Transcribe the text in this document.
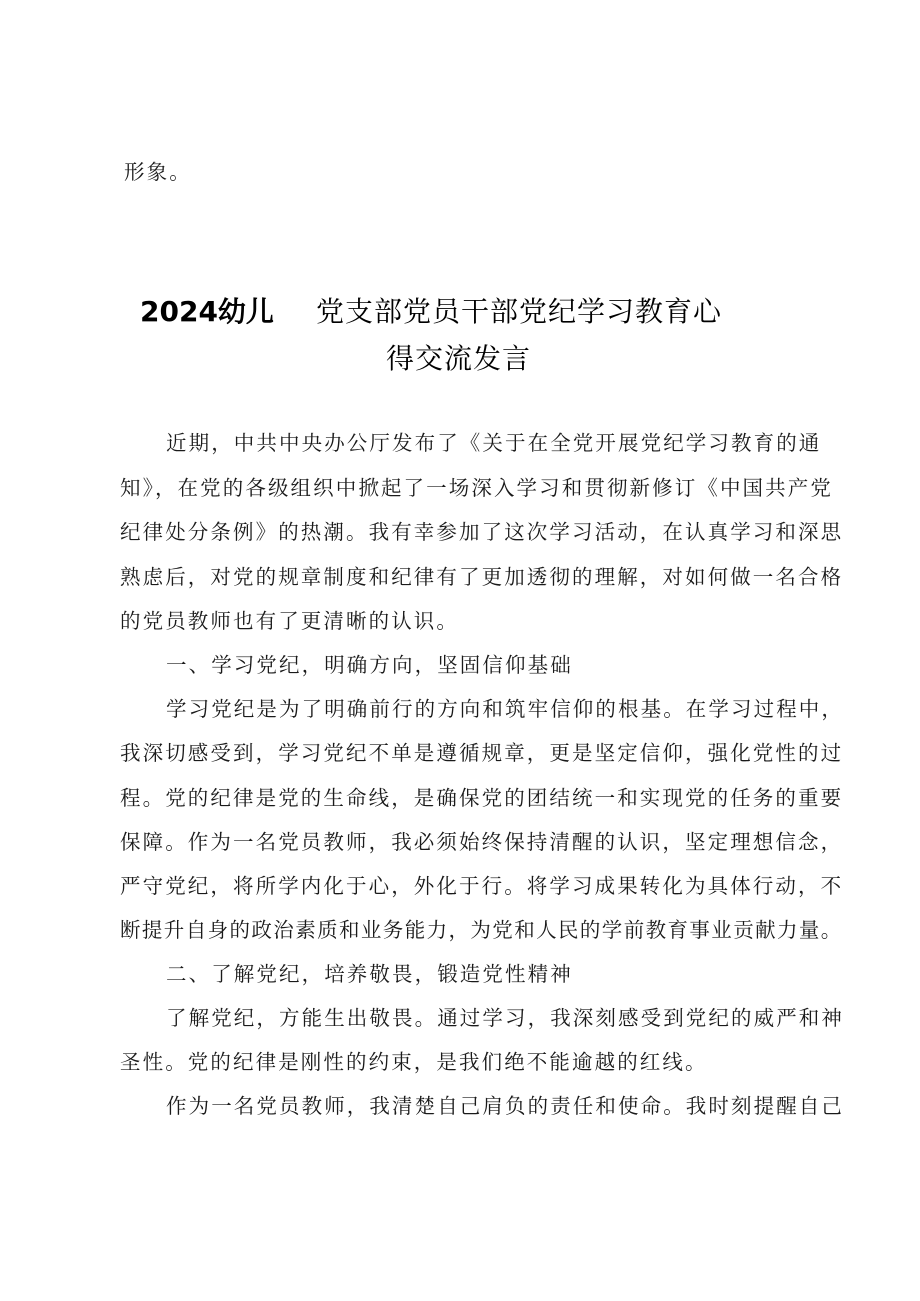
形象。
2024幼儿 党支部党员干部党纪学习教育心
得交流发言
近期，中共中央办公厅发布了《关于在全党开展党纪学习教育的通
知》，在党的各级组织中掀起了一场深入学习和贯彻新修订《中国共产党
纪律处分条例》的热潮。我有幸参加了这次学习活动，在认真学习和深思
熟虑后，对党的规章制度和纪律有了更加透彻的理解，对如何做一名合格
的党员教师也有了更清晰的认识。
一、学习党纪，明确方向，坚固信仰基础
学习党纪是为了明确前行的方向和筑牢信仰的根基。在学习过程中，
我深切感受到，学习党纪不单是遵循规章，更是坚定信仰，强化党性的过
程。党的纪律是党的生命线，是确保党的团结统一和实现党的任务的重要
保障。作为一名党员教师，我必须始终保持清醒的认识，坚定理想信念，
严守党纪，将所学内化于心，外化于行。将学习成果转化为具体行动，不
断提升自身的政治素质和业务能力，为党和人民的学前教育事业贡献力量。
二、了解党纪，培养敬畏，锻造党性精神
了解党纪，方能生出敬畏。通过学习，我深刻感受到党纪的威严和神
圣性。党的纪律是刚性的约束，是我们绝不能逾越的红线。
作为一名党员教师，我清楚自己肩负的责任和使命。我时刻提醒自己
